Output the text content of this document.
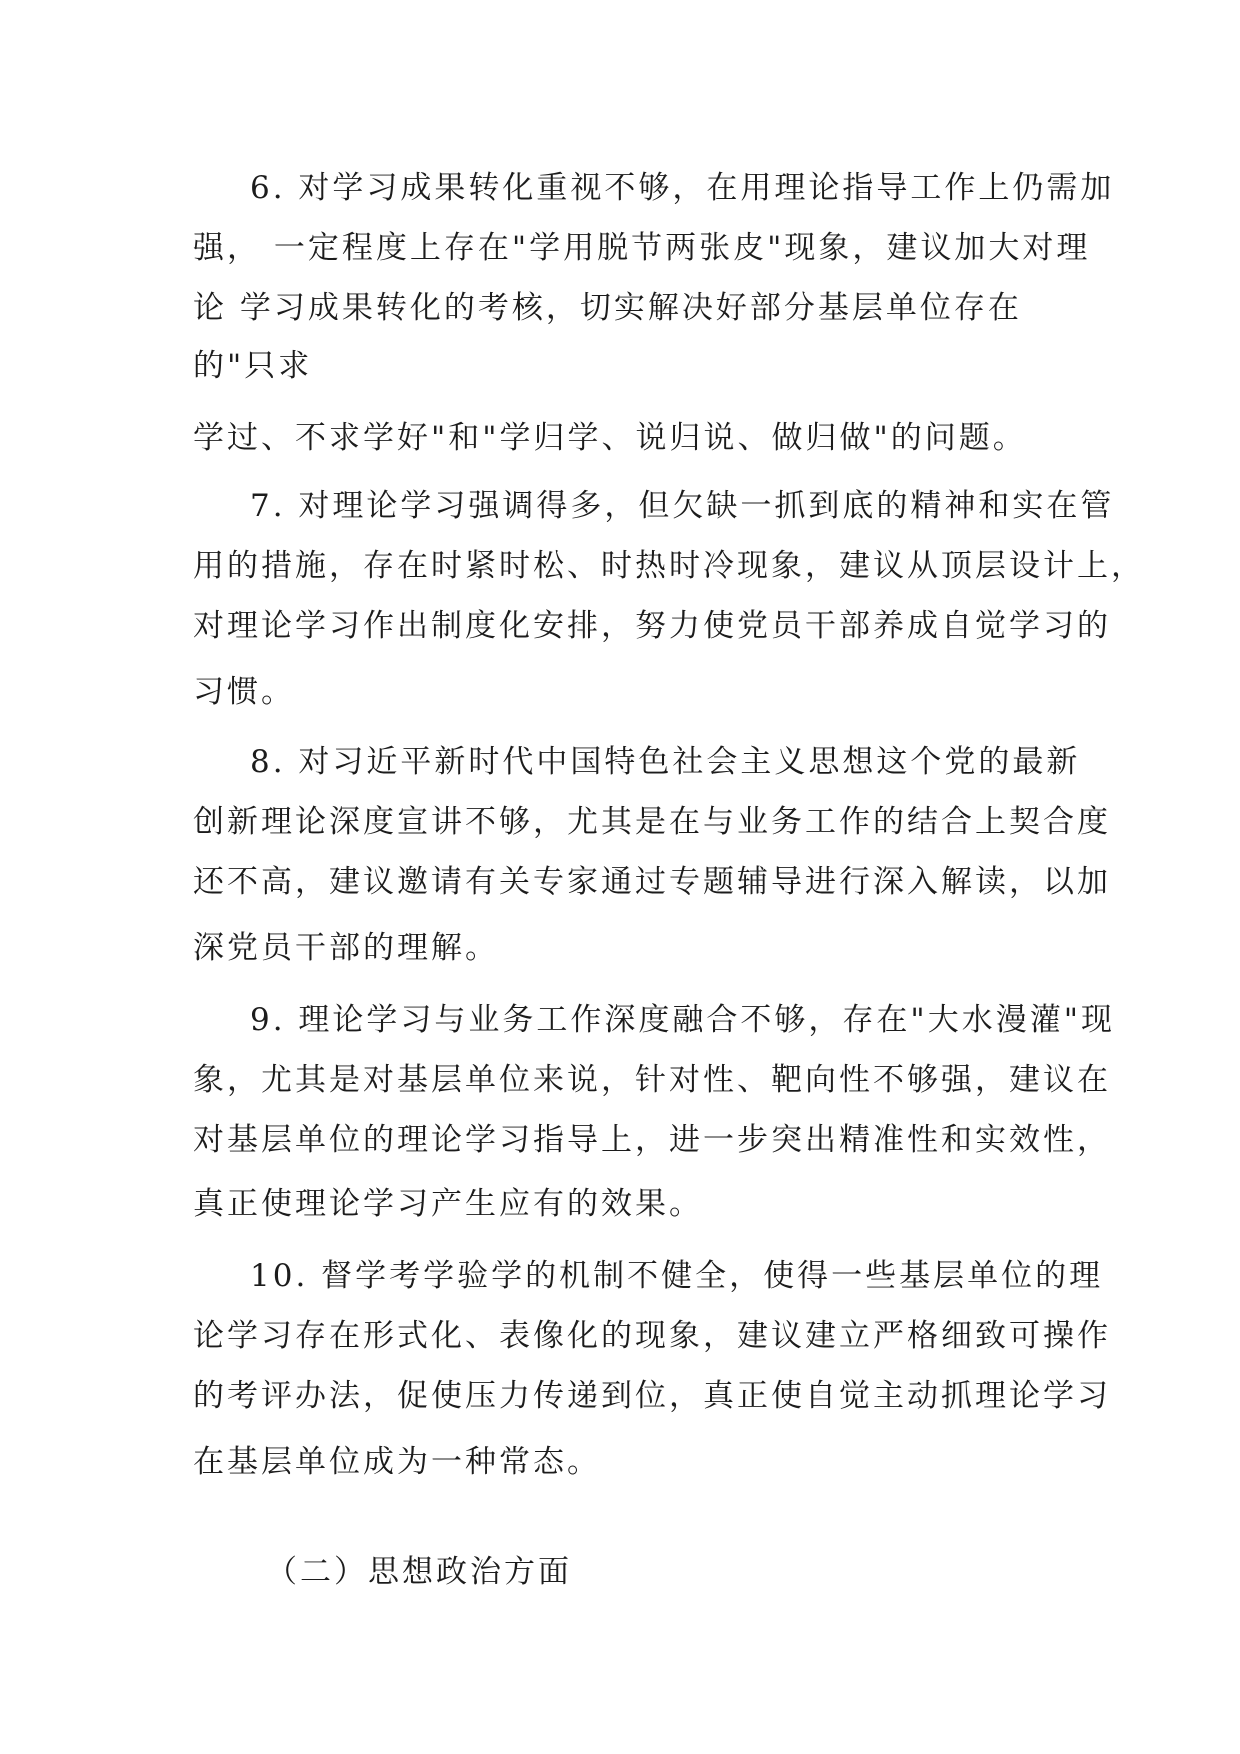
6. 对学习成果转化重视不够，在用理论指导工作上仍需加
强， 一定程度上存在"学用脱节两张皮"现象，建议加大对理
论 学习成果转化的考核，切实解决好部分基层单位存在
的"只求
学过、不求学好"和"学归学、说归说、做归做"的问题。
7. 对理论学习强调得多，但欠缺一抓到底的精神和实在管
用的措施，存在时紧时松、时热时冷现象，建议从顶层设计上，
对理论学习作出制度化安排，努力使党员干部养成自觉学习的
习惯。
8. 对习近平新时代中国特色社会主义思想这个党的最新
创新理论深度宣讲不够，尤其是在与业务工作的结合上契合度
还不高，建议邀请有关专家通过专题辅导进行深入解读，以加
深党员干部的理解。
9. 理论学习与业务工作深度融合不够，存在"大水漫灌"现
象，尤其是对基层单位来说，针对性、靶向性不够强，建议在
对基层单位的理论学习指导上，进一步突出精准性和实效性，
真正使理论学习产生应有的效果。
10. 督学考学验学的机制不健全，使得一些基层单位的理
论学习存在形式化、表像化的现象，建议建立严格细致可操作
的考评办法，促使压力传递到位，真正使自觉主动抓理论学习
在基层单位成为一种常态。
（二）思想政治方面
